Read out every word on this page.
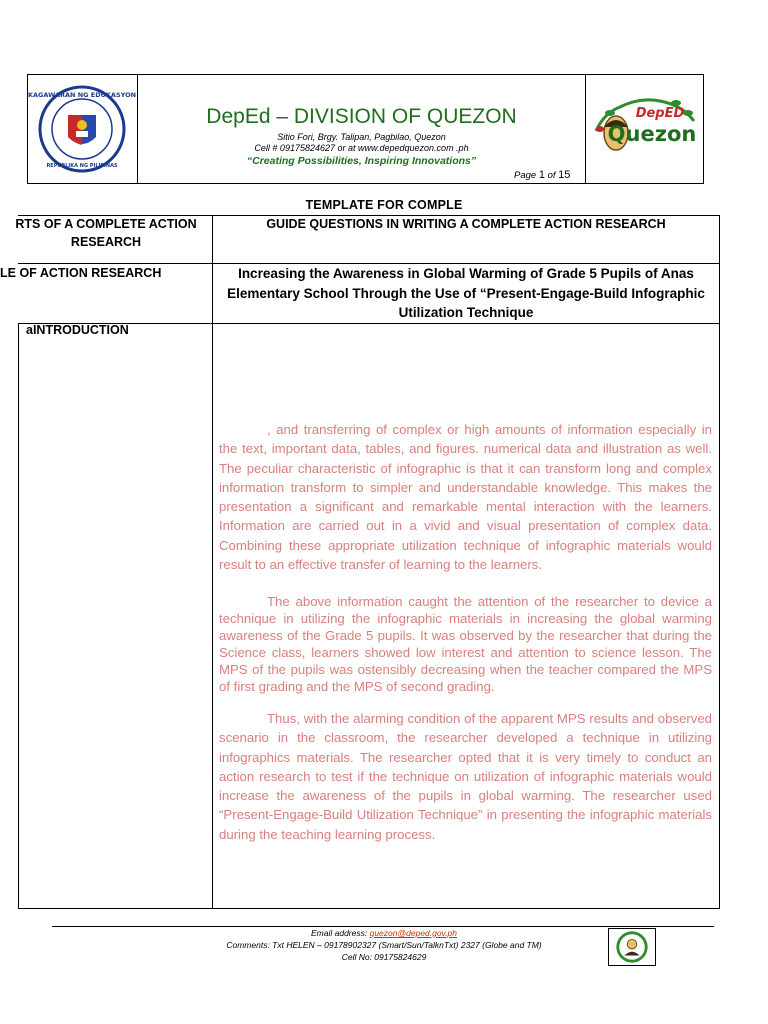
KAGAWARAN NG EDUKASYON
REPUBLIKA NG PILIPINAS
DepEd – DIVISION OF QUEZON
Sitio Fori, Brgy. Talipan, Pagbilao, Quezon
Cell # 09175824627 or at www.depedquezon.com .ph
“Creating Possibilities, Inspiring Innovations”
Page 1 of 15
DepED
Quezon
TEMPLATE FOR COMPLE
RTS OF A COMPLETE ACTION RESEARCH
GUIDE QUESTIONS IN WRITING A COMPLETE ACTION RESEARCH
LE OF ACTION RESEARCH	Increasing the Awareness in Global Warming of Grade 5 Pupils of Anas Elementary School Through the Use of “Present-Engage-Build Infographic Utilization Technique
aINTRODUCTION
, and transferring of complex or high amounts of information especially in the text, important data, tables, and figures. numerical data and illustration as well. The peculiar characteristic of infographic is that it can transform long and complex information transform to simpler and understandable knowledge. This makes the presentation a significant and remarkable mental interaction with the learners. Information are carried out in a vivid and visual presentation of complex data. Combining these appropriate utilization technique of infographic materials would result to an effective transfer of learning to the learners.
The above information caught the attention of the researcher to device a technique in utilizing the infographic materials in increasing the global warming awareness of the Grade 5 pupils. It was observed by the researcher that during the Science class, learners showed low interest and attention to science lesson. The MPS of the pupils was ostensibly decreasing when the teacher compared the MPS of first grading and the MPS of second grading.
Thus, with the alarming condition of the apparent MPS results and observed scenario in the classroom, the researcher developed a technique in utilizing infographics materials. The researcher opted that it is very timely to conduct an action research to test if the technique on utilization of infographic materials would increase the awareness of the pupils in global warming. The researcher used “Present-Engage-Build Utilization Technique” in presenting the infographic materials during the teaching learning process.
Email address: quezon@deped.gov.ph
Comments: Txt HELEN – 09178902327 (Smart/Sun/TalknTxt) 2327 (Globe and TM)
Cell No: 09175824629
